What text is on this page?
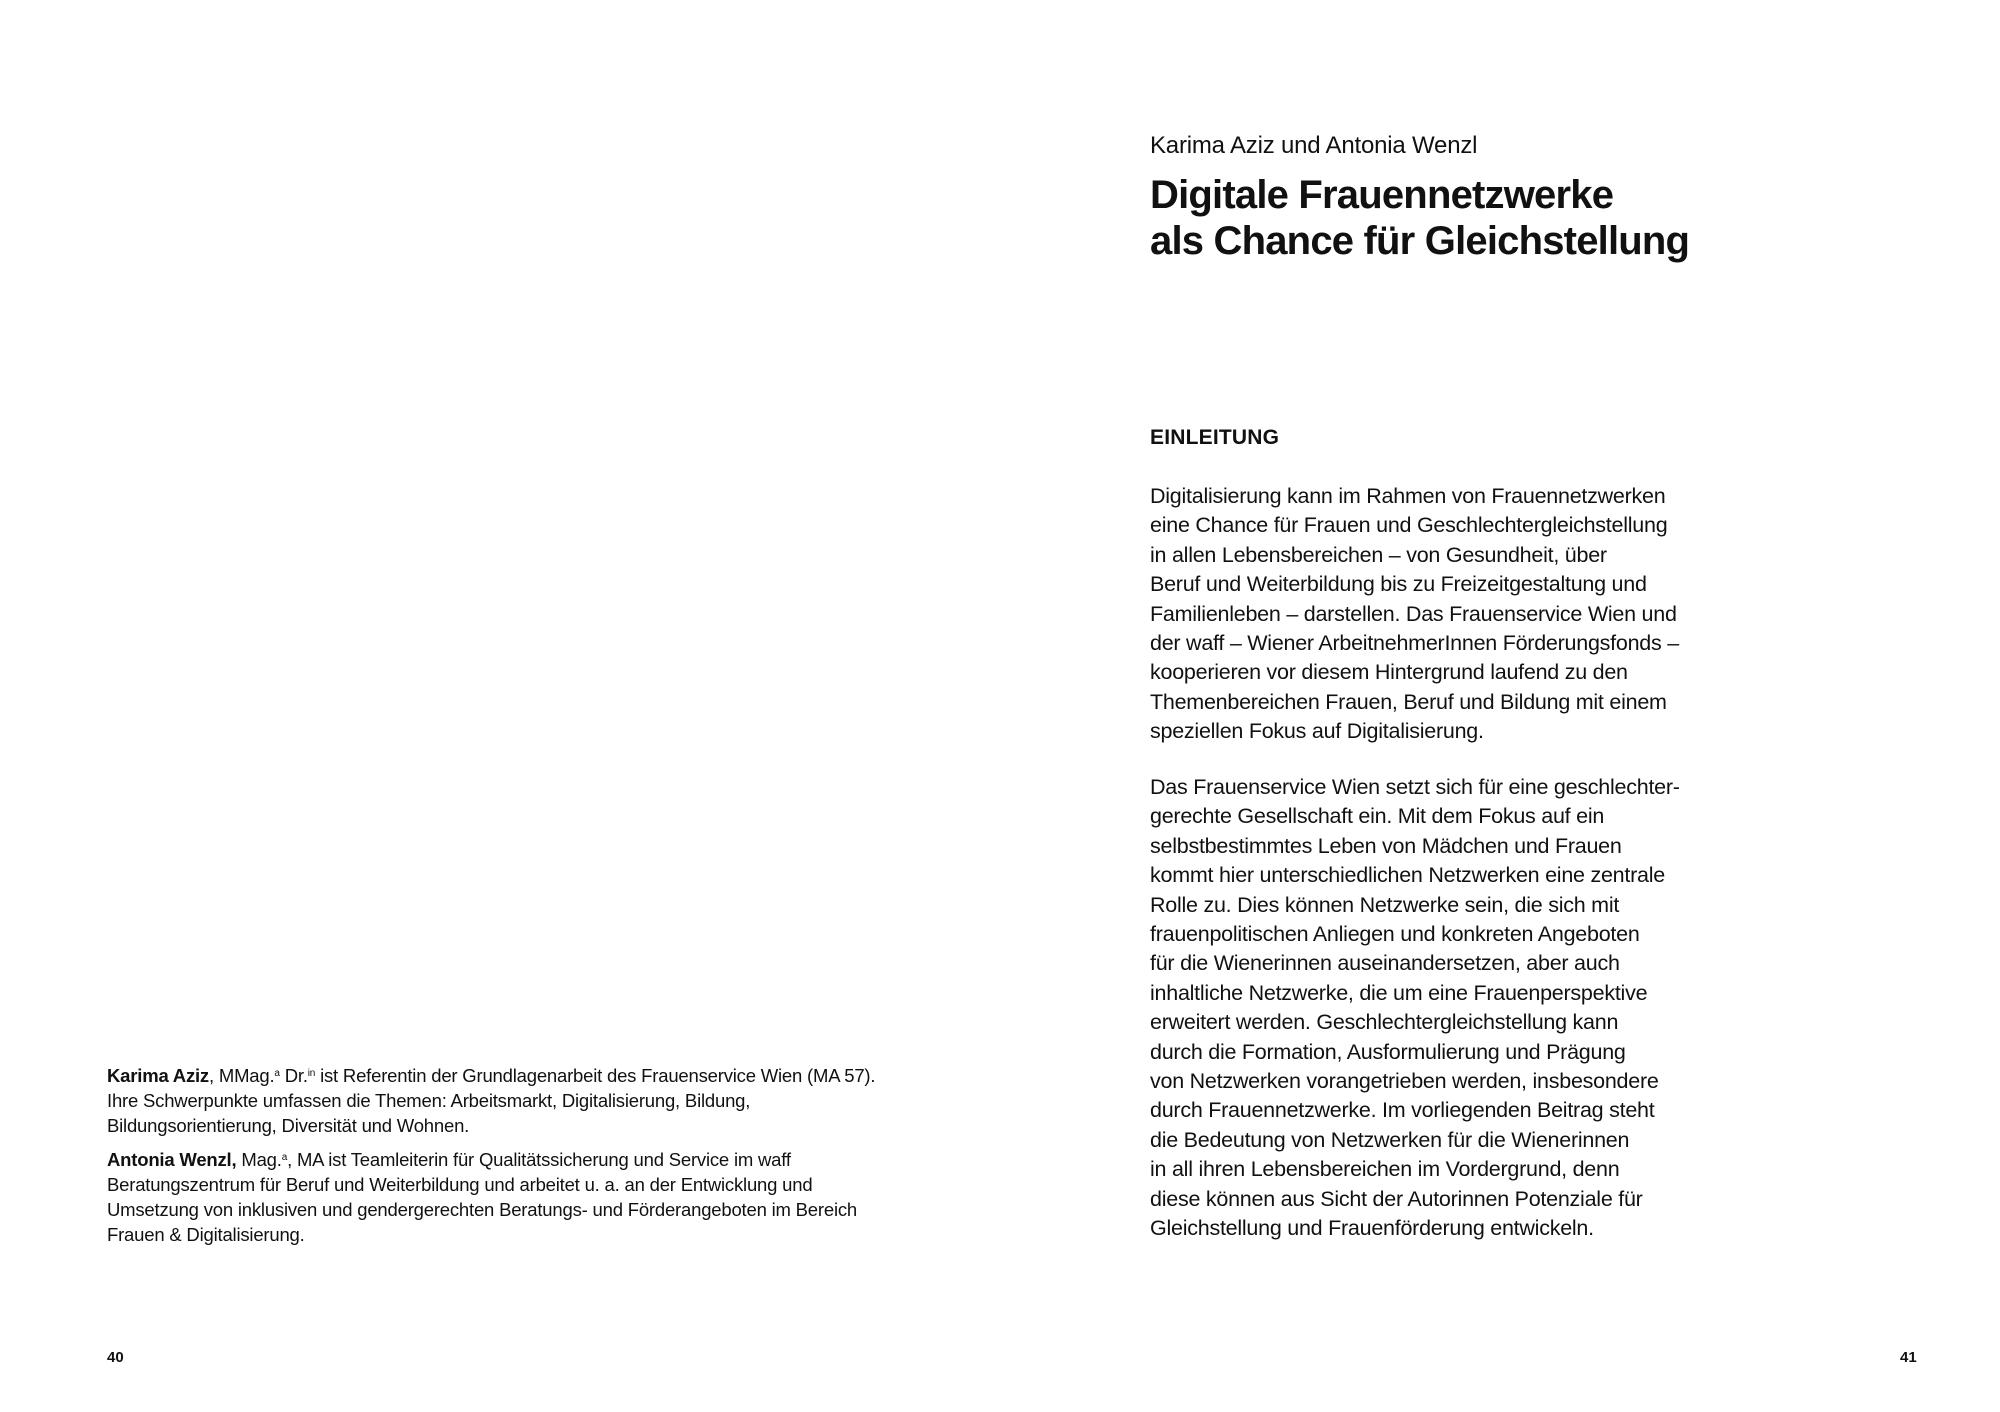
Karima Aziz, MMag.$^a$ Dr.$^{in}$ ist Referentin der Grundlagenarbeit des Frauenservice Wien (MA 57). Ihre Schwerpunkte umfassen die Themen: Arbeitsmarkt, Digitalisierung, Bildung, Bildungsorientierung, Diversität und Wohnen.

Antonia Wenzl, Mag.$^a$, MA ist Teamleiterin für Qualitätssicherung und Service im waff Beratungszentrum für Beruf und Weiterbildung und arbeitet u. a. an der Entwicklung und Umsetzung von inklusiven und gendergerechten Beratungs- und Förderangeboten im Bereich Frauen & Digitalisierung.

40
Karima Aziz und Antonia Wenzl
Digitale Frauennetzwerke
als Chance für Gleichstellung
EINLEITUNG

Digitalisierung kann im Rahmen von Frauennetzwerken
eine Chance für Frauen und Geschlechtergleichstellung
in allen Lebensbereichen – von Gesundheit, über
Beruf und Weiterbildung bis zu Freizeitgestaltung und
Familienleben – darstellen. Das Frauenservice Wien und
der waff – Wiener ArbeitnehmerInnen Förderungsfonds –
kooperieren vor diesem Hintergrund laufend zu den
Themenbereichen Frauen, Beruf und Bildung mit einem
speziellen Fokus auf Digitalisierung.

Das Frauenservice Wien setzt sich für eine geschlechter-
gerechte Gesellschaft ein. Mit dem Fokus auf ein
selbstbestimmtes Leben von Mädchen und Frauen
kommt hier unterschiedlichen Netzwerken eine zentrale
Rolle zu. Dies können Netzwerke sein, die sich mit
frauenpolitischen Anliegen und konkreten Angeboten
für die Wienerinnen auseinandersetzen, aber auch
inhaltliche Netzwerke, die um eine Frauenperspektive
erweitert werden. Geschlechtergleichstellung kann
durch die Formation, Ausformulierung und Prägung
von Netzwerken vorangetrieben werden, insbesondere
durch Frauennetzwerke. Im vorliegenden Beitrag steht
die Bedeutung von Netzwerken für die Wienerinnen
in all ihren Lebensbereichen im Vordergrund, denn
diese können aus Sicht der Autorinnen Potenziale für
Gleichstellung und Frauenförderung entwickeln.

41
